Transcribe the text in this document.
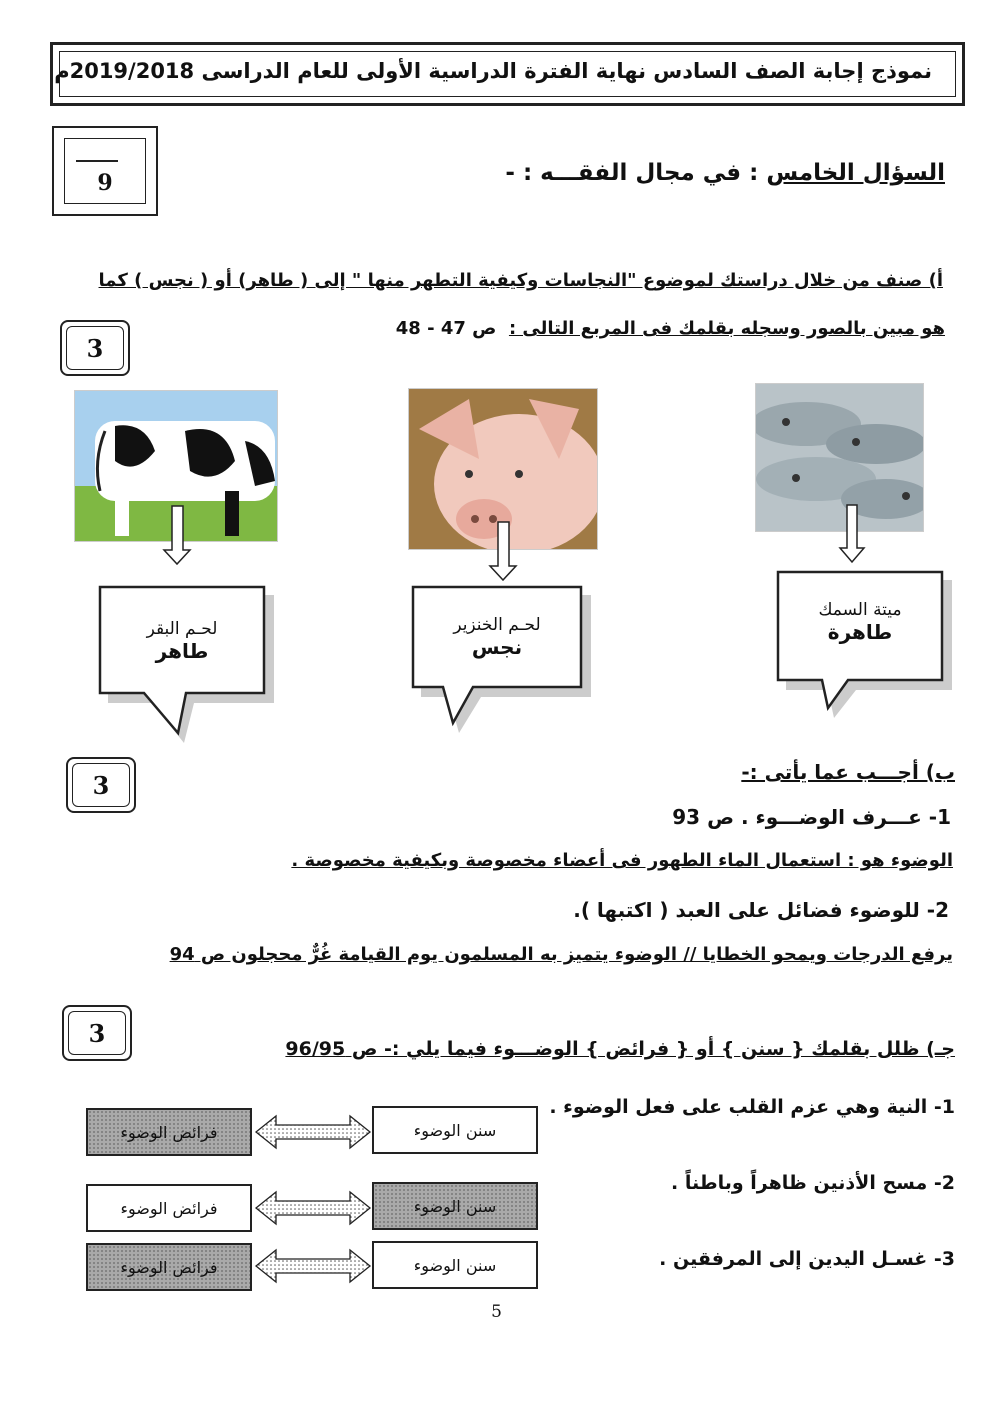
نموذج إجابة الصف السادس نهاية الفترة الدراسية الأولى للعام الدراسى 2019/2018م
9	السؤال الخامس : في مجال الفقـــه : -
أ) صنف من خلال دراستك لموضوع "النجاسات وكيفية التطهر منها " إلى ( طاهر) أو ( نجس ) كما
هو مبين بالصور وسجله بقلمك فى المربع التالى :  ص 47 - 48
3
ميتة السمك
طاهرة
لحـم الخنزير
نجس
لحـم البقر
طاهر
3	ب) أجـــب عما يأتى :-
1- عـــرف الوضـــوء . ص 93
الوضوء هو : استعمال الماء الطهور فى أعضاء مخصوصة وبكيفية مخصوصة .
2- للوضوء فضائل على العبد ( اكتبها ).
يرفع الدرجات ويمحو الخطايا // الوضوء يتميز به المسلمون يوم القيامة غُرٌّ محجلون ص 94
3
جـ) ظلل بقلمك { سنن } أو { فرائض } الوضـــوء فيما يلي :- ص 96/95
1- النية وهي عزم القلب على فعل الوضوء .
2- مسح الأذنين ظاهراً وباطناً .
3- غسـل اليدين إلى المرفقين .
سنن الوضوء
فرائض الوضوء
سنن الوضوء
فرائض الوضوء
سنن الوضوء
فرائض الوضوء
5
